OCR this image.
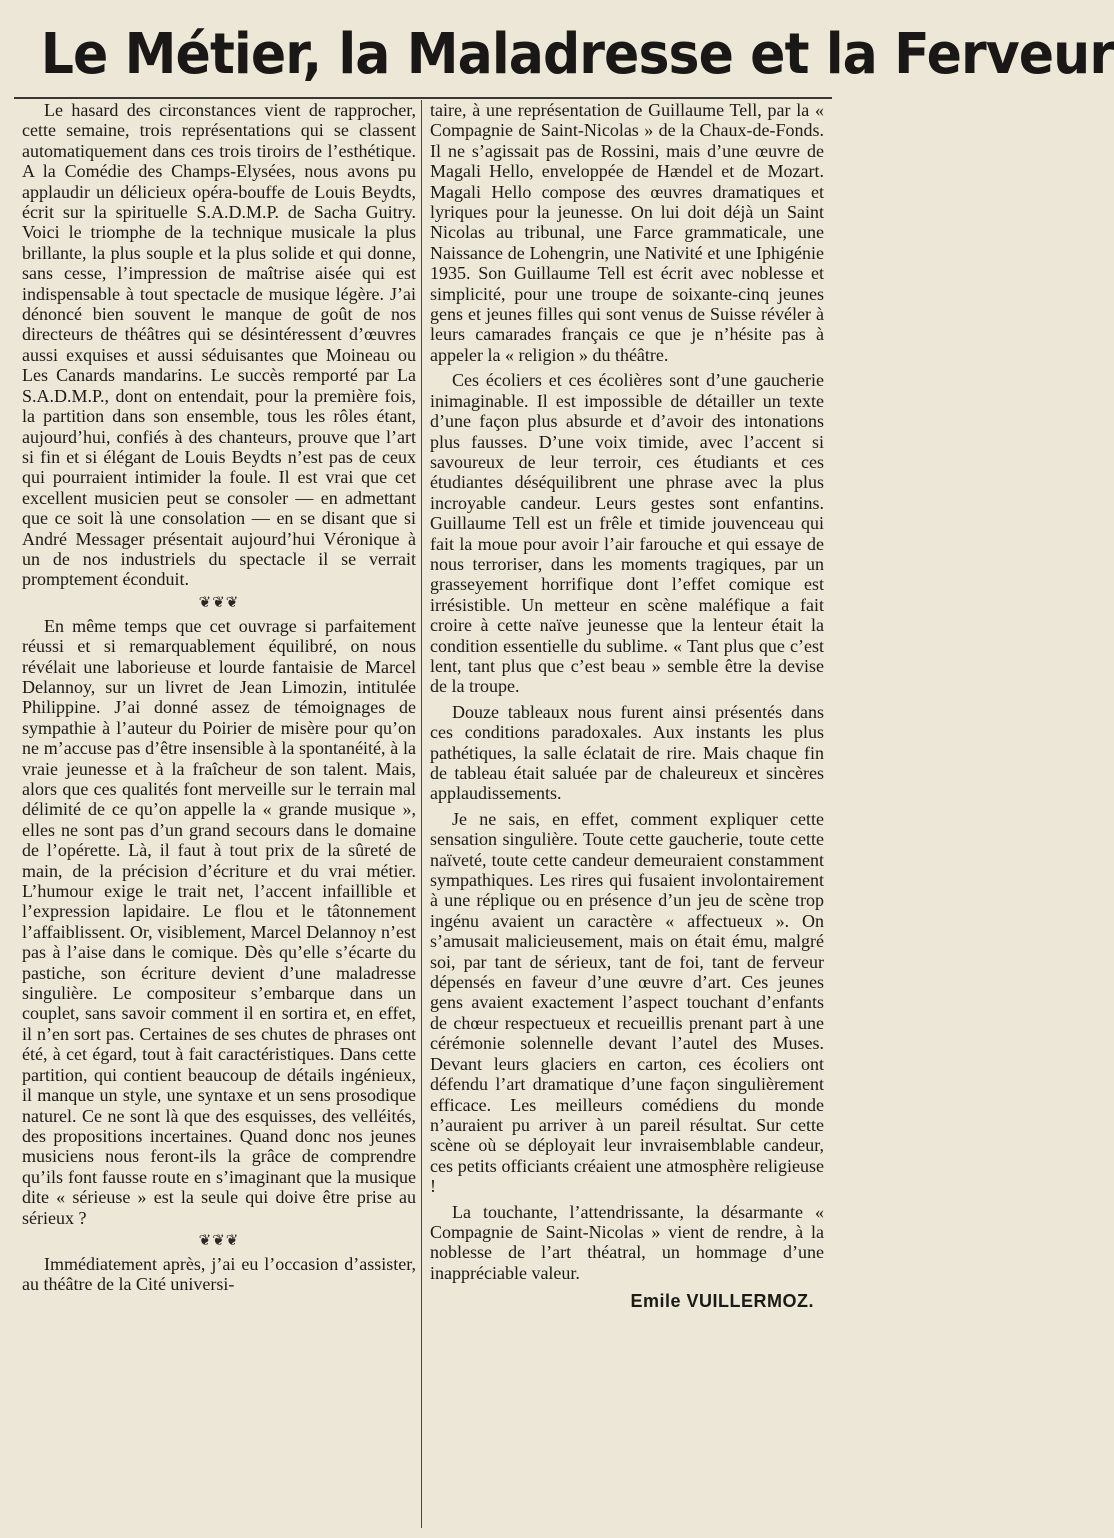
Le Métier, la Maladresse et la Ferveur

Le hasard des circonstances vient de rapprocher, cette semaine, trois représentations qui se classent automatiquement dans ces trois tiroirs de l’esthétique. A la Comédie des Champs-Elysées, nous avons pu applaudir un délicieux opéra-bouffe de Louis Beydts, écrit sur la spirituelle S.A.D.M.P. de Sacha Guitry. Voici le triomphe de la technique musicale la plus brillante, la plus souple et la plus solide et qui donne, sans cesse, l’impression de maîtrise aisée qui est indispensable à tout spectacle de musique légère. J’ai dénoncé bien souvent le manque de goût de nos directeurs de théâtres qui se désintéressent d’œuvres aussi exquises et aussi séduisantes que Moineau ou Les Canards mandarins. Le succès remporté par La S.A.D.M.P., dont on entendait, pour la première fois, la partition dans son ensemble, tous les rôles étant, aujourd’hui, confiés à des chanteurs, prouve que l’art si fin et si élégant de Louis Beydts n’est pas de ceux qui pourraient intimider la foule. Il est vrai que cet excellent musicien peut se consoler — en admettant que ce soit là une consolation — en se disant que si André Messager présentait aujourd’hui Véronique à un de nos industriels du spectacle il se verrait promptement éconduit.

❦❦❦

En même temps que cet ouvrage si parfaitement réussi et si remarquablement équilibré, on nous révélait une laborieuse et lourde fantaisie de Marcel Delannoy, sur un livret de Jean Limozin, intitulée Philippine. J’ai donné assez de témoignages de sympathie à l’auteur du Poirier de misère pour qu’on ne m’accuse pas d’être insensible à la spontanéité, à la vraie jeunesse et à la fraîcheur de son talent. Mais, alors que ces qualités font merveille sur le terrain mal délimité de ce qu’on appelle la « grande musique », elles ne sont pas d’un grand secours dans le domaine de l’opérette. Là, il faut à tout prix de la sûreté de main, de la précision d’écriture et du vrai métier. L’humour exige le trait net, l’accent infaillible et l’expression lapidaire. Le flou et le tâtonnement l’affaiblissent. Or, visiblement, Marcel Delannoy n’est pas à l’aise dans le comique. Dès qu’elle s’écarte du pastiche, son écriture devient d’une maladresse singulière. Le compositeur s’embarque dans un couplet, sans savoir comment il en sortira et, en effet, il n’en sort pas. Certaines de ses chutes de phrases ont été, à cet égard, tout à fait caractéristiques. Dans cette partition, qui contient beaucoup de détails ingénieux, il manque un style, une syntaxe et un sens prosodique naturel. Ce ne sont là que des esquisses, des velléités, des propositions incertaines. Quand donc nos jeunes musiciens nous feront-ils la grâce de comprendre qu’ils font fausse route en s’imaginant que la musique dite « sérieuse » est la seule qui doive être prise au sérieux ?

❦❦❦

Immédiatement après, j’ai eu l’occasion d’assister, au théâtre de la Cité universi-

taire, à une représentation de Guillaume Tell, par la « Compagnie de Saint-Nicolas » de la Chaux-de-Fonds. Il ne s’agissait pas de Rossini, mais d’une œuvre de Magali Hello, enveloppée de Hændel et de Mozart. Magali Hello compose des œuvres dramatiques et lyriques pour la jeunesse. On lui doit déjà un Saint Nicolas au tribunal, une Farce grammaticale, une Naissance de Lohengrin, une Nativité et une Iphigénie 1935. Son Guillaume Tell est écrit avec noblesse et simplicité, pour une troupe de soixante-cinq jeunes gens et jeunes filles qui sont venus de Suisse révéler à leurs camarades français ce que je n’hésite pas à appeler la « religion » du théâtre.

Ces écoliers et ces écolières sont d’une gaucherie inimaginable. Il est impossible de détailler un texte d’une façon plus absurde et d’avoir des intonations plus fausses. D’une voix timide, avec l’accent si savoureux de leur terroir, ces étudiants et ces étudiantes déséquilibrent une phrase avec la plus incroyable candeur. Leurs gestes sont enfantins. Guillaume Tell est un frêle et timide jouvenceau qui fait la moue pour avoir l’air farouche et qui essaye de nous terroriser, dans les moments tragiques, par un grasseyement horrifique dont l’effet comique est irrésistible. Un metteur en scène maléfique a fait croire à cette naïve jeunesse que la lenteur était la condition essentielle du sublime. « Tant plus que c’est lent, tant plus que c’est beau » semble être la devise de la troupe.

Douze tableaux nous furent ainsi présentés dans ces conditions paradoxales. Aux instants les plus pathétiques, la salle éclatait de rire. Mais chaque fin de tableau était saluée par de chaleureux et sincères applaudissements.

Je ne sais, en effet, comment expliquer cette sensation singulière. Toute cette gaucherie, toute cette naïveté, toute cette candeur demeuraient constamment sympathiques. Les rires qui fusaient involontairement à une réplique ou en présence d’un jeu de scène trop ingénu avaient un caractère « affectueux ». On s’amusait malicieusement, mais on était ému, malgré soi, par tant de sérieux, tant de foi, tant de ferveur dépensés en faveur d’une œuvre d’art. Ces jeunes gens avaient exactement l’aspect touchant d’enfants de chœur respectueux et recueillis prenant part à une cérémonie solennelle devant l’autel des Muses. Devant leurs glaciers en carton, ces écoliers ont défendu l’art dramatique d’une façon singulièrement efficace. Les meilleurs comédiens du monde n’auraient pu arriver à un pareil résultat. Sur cette scène où se déployait leur invraisemblable candeur, ces petits officiants créaient une atmosphère religieuse !

La touchante, l’attendrissante, la désarmante « Compagnie de Saint-Nicolas » vient de rendre, à la noblesse de l’art théatral, un hommage d’une inappréciable valeur.

Emile VUILLERMOZ.
